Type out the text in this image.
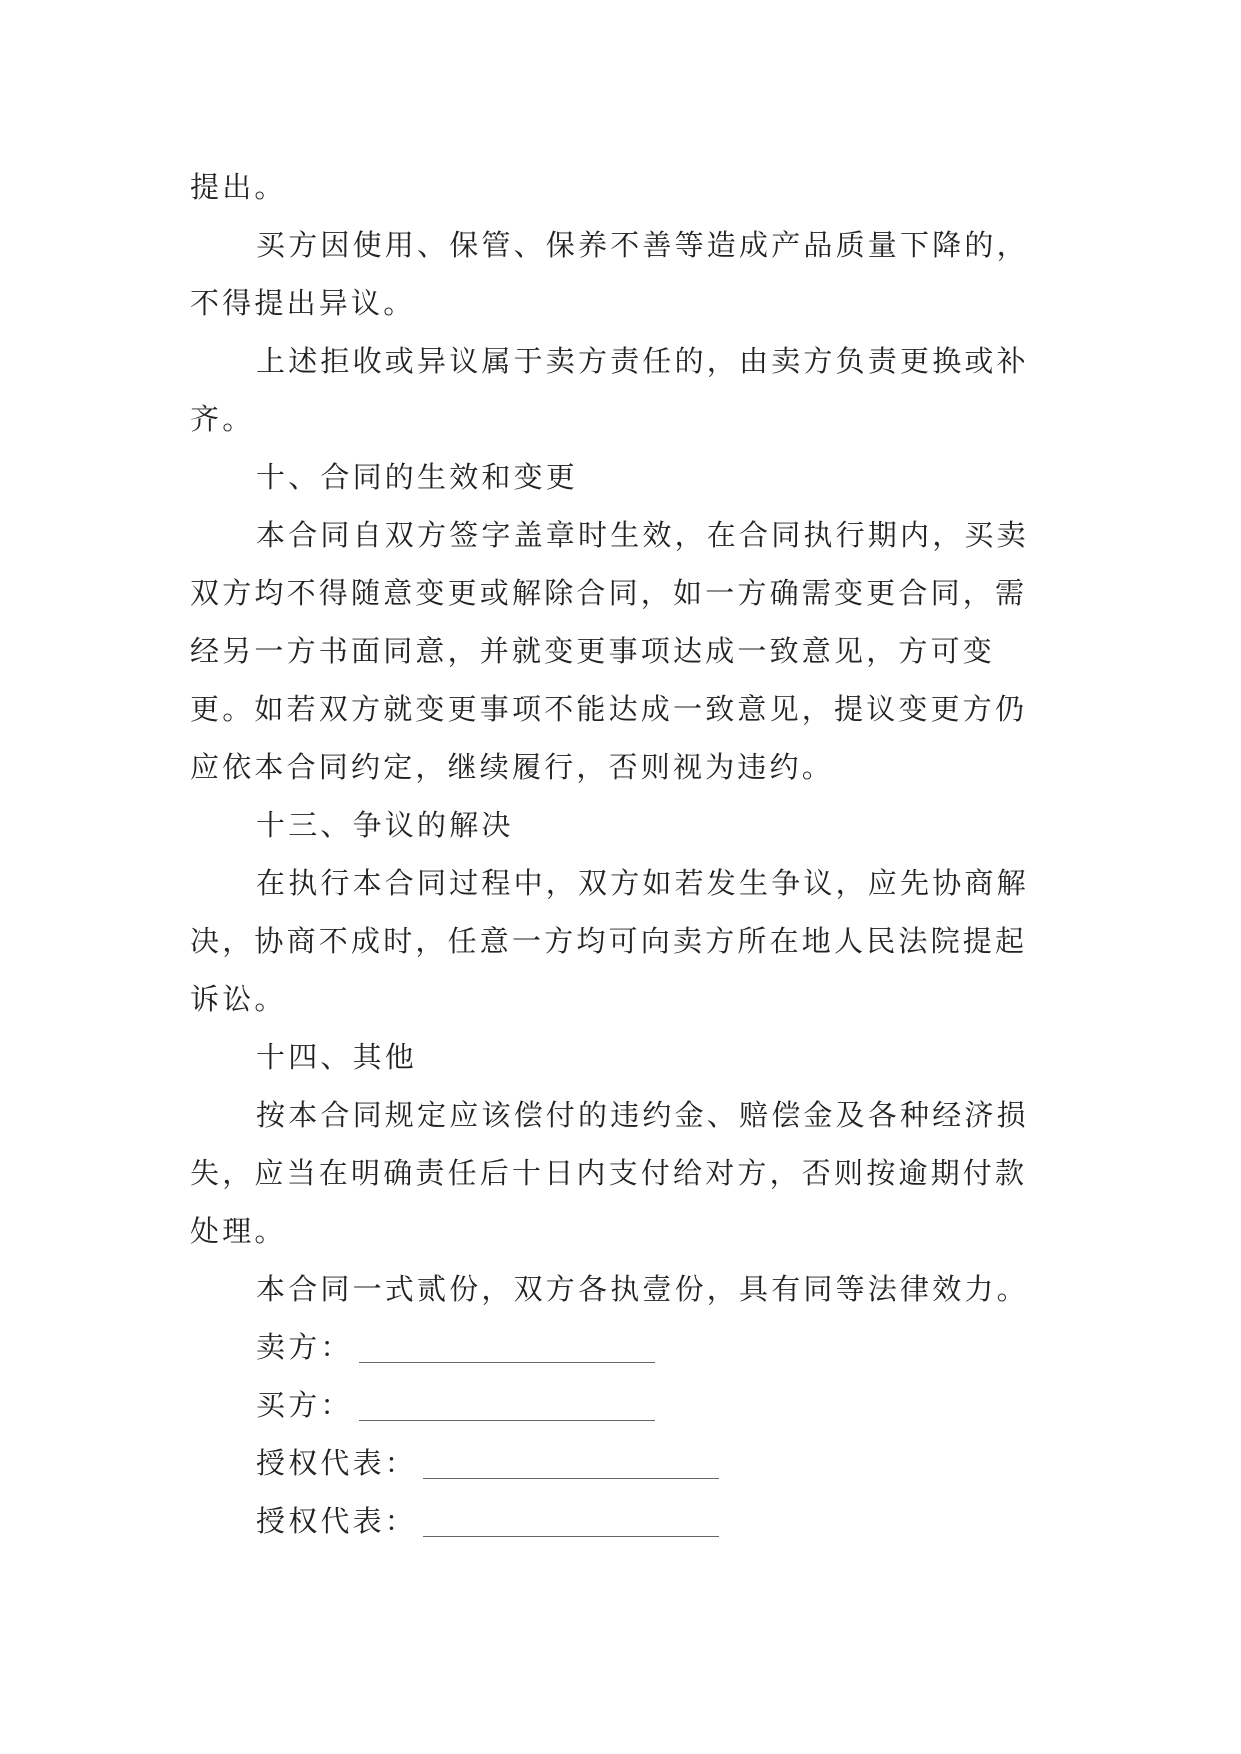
提出。

买方因使用、保管、保养不善等造成产品质量下降的，不得提出异议。

上述拒收或异议属于卖方责任的，由卖方负责更换或补齐。

十、合同的生效和变更

本合同自双方签字盖章时生效，在合同执行期内，买卖双方均不得随意变更或解除合同，如一方确需变更合同，需经另一方书面同意，并就变更事项达成一致意见，方可变更。如若双方就变更事项不能达成一致意见，提议变更方仍应依本合同约定，继续履行，否则视为违约。

十三、争议的解决

在执行本合同过程中，双方如若发生争议，应先协商解决，协商不成时，任意一方均可向卖方所在地人民法院提起诉讼。

十四、其他

按本合同规定应该偿付的违约金、赔偿金及各种经济损失，应当在明确责任后十日内支付给对方，否则按逾期付款处理。

本合同一式贰份，双方各执壹份，具有同等法律效力。

卖方：
买方：
授权代表：
授权代表：
